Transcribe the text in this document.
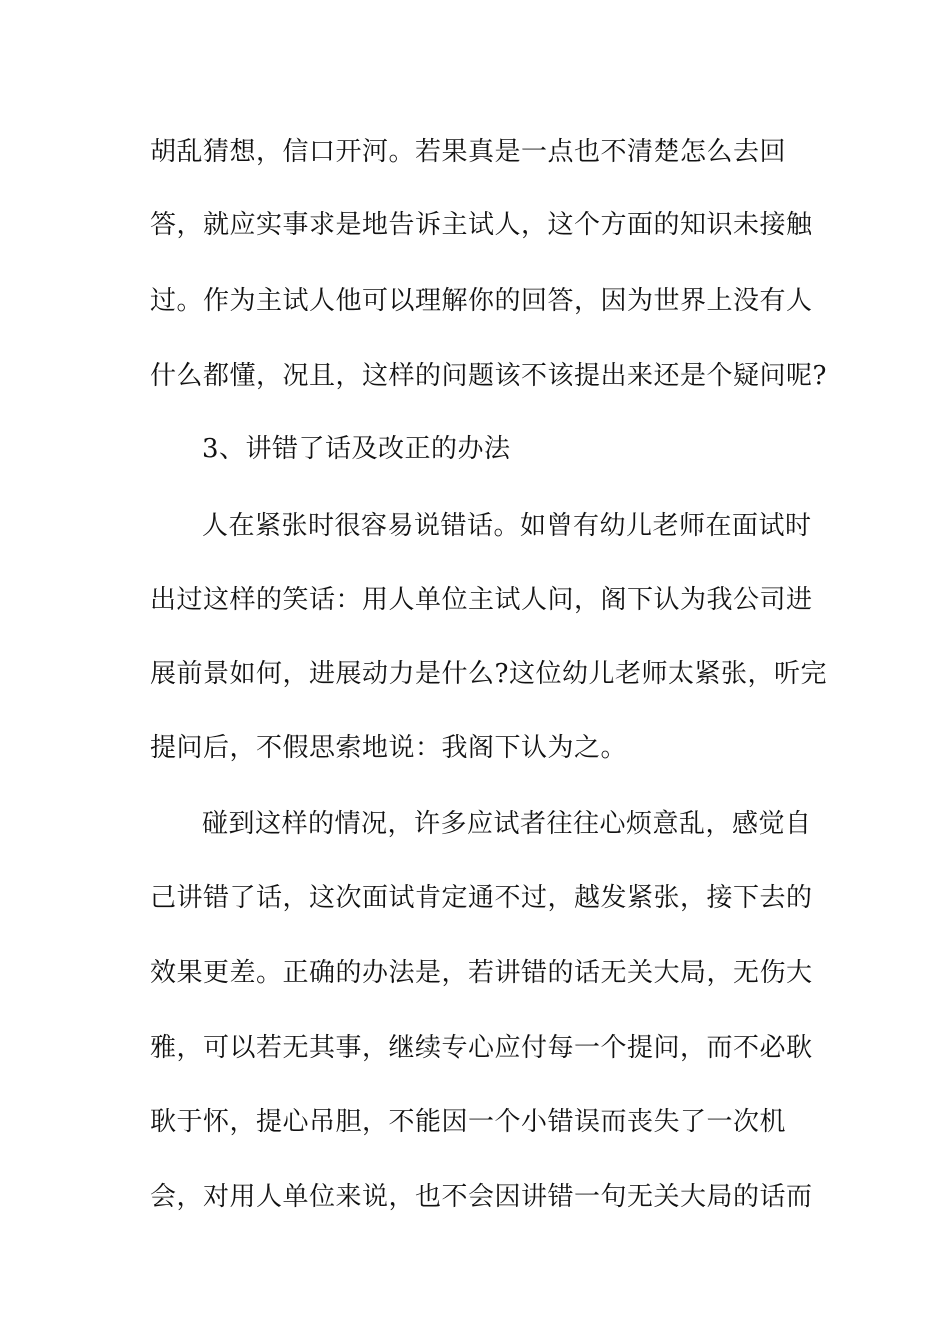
胡乱猜想，信口开河。若果真是一点也不清楚怎么去回
答，就应实事求是地告诉主试人，这个方面的知识未接触
过。作为主试人他可以理解你的回答，因为世界上没有人
什么都懂，况且，这样的问题该不该提出来还是个疑问呢?
3、讲错了话及改正的办法
人在紧张时很容易说错话。如曾有幼儿老师在面试时
出过这样的笑话：用人单位主试人问，阁下认为我公司进
展前景如何，进展动力是什么?这位幼儿老师太紧张，听完
提问后，不假思索地说：我阁下认为之。
碰到这样的情况，许多应试者往往心烦意乱，感觉自
己讲错了话，这次面试肯定通不过，越发紧张，接下去的
效果更差。正确的办法是，若讲错的话无关大局，无伤大
雅，可以若无其事，继续专心应付每一个提问，而不必耿
耿于怀，提心吊胆，不能因一个小错误而丧失了一次机
会，对用人单位来说，也不会因讲错一句无关大局的话而
